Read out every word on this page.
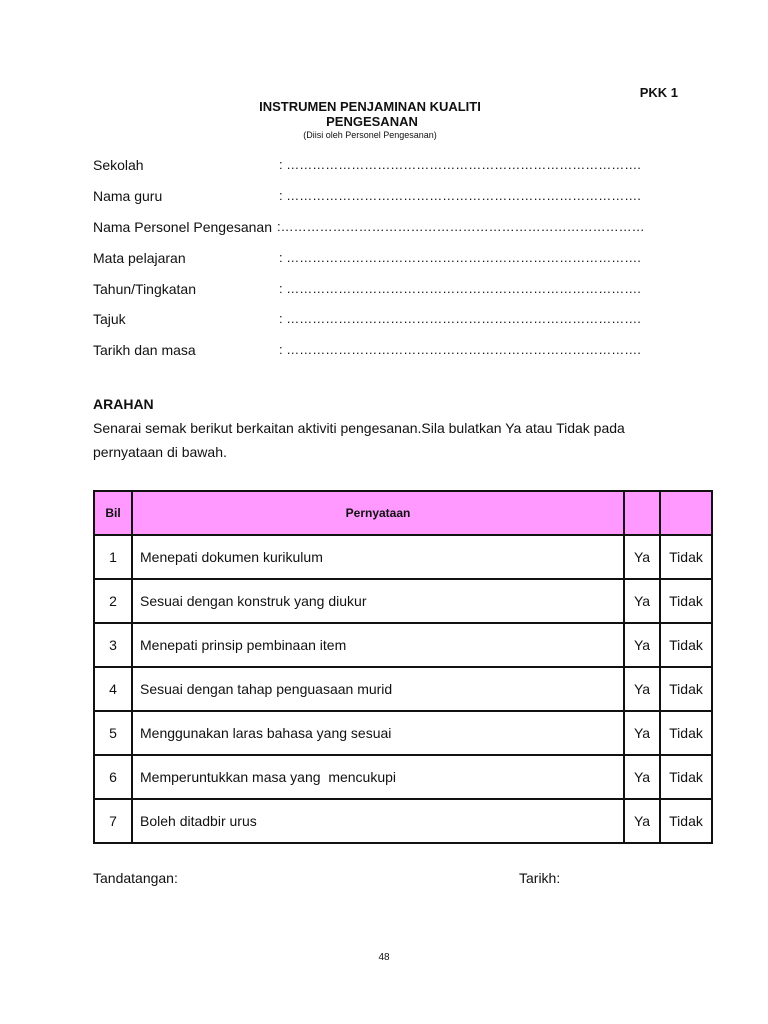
PKK 1
INSTRUMEN PENJAMINAN KUALITI
PENGESANAN
(Diisi oleh Personel Pengesanan)
Sekolah	: ……………………………………………………………………….
Nama guru	: ……………………………………………………………………….
Nama Personel Pengesanan :…………………………………………………………………………
Mata pelajaran	: ……………………………………………………………………….
Tahun/Tingkatan	: ……………………………………………………………………….
Tajuk	: ……………………………………………………………………….
Tarikh dan masa	: ……………………………………………………………………….
ARAHAN
Senarai semak berikut berkaitan aktiviti pengesanan.Sila bulatkan Ya atau Tidak pada pernyataan di bawah.
Bil	Pernyataan		
1	Menepati dokumen kurikulum	Ya	Tidak
2	Sesuai dengan konstruk yang diukur	Ya	Tidak
3	Menepati prinsip pembinaan item	Ya	Tidak
4	Sesuai dengan tahap penguasaan murid	Ya	Tidak
5	Menggunakan laras bahasa yang sesuai	Ya	Tidak
6	Memperuntukkan masa yang  mencukupi	Ya	Tidak
7	Boleh ditadbir urus	Ya	Tidak
Tandatangan:	Tarikh:
48
